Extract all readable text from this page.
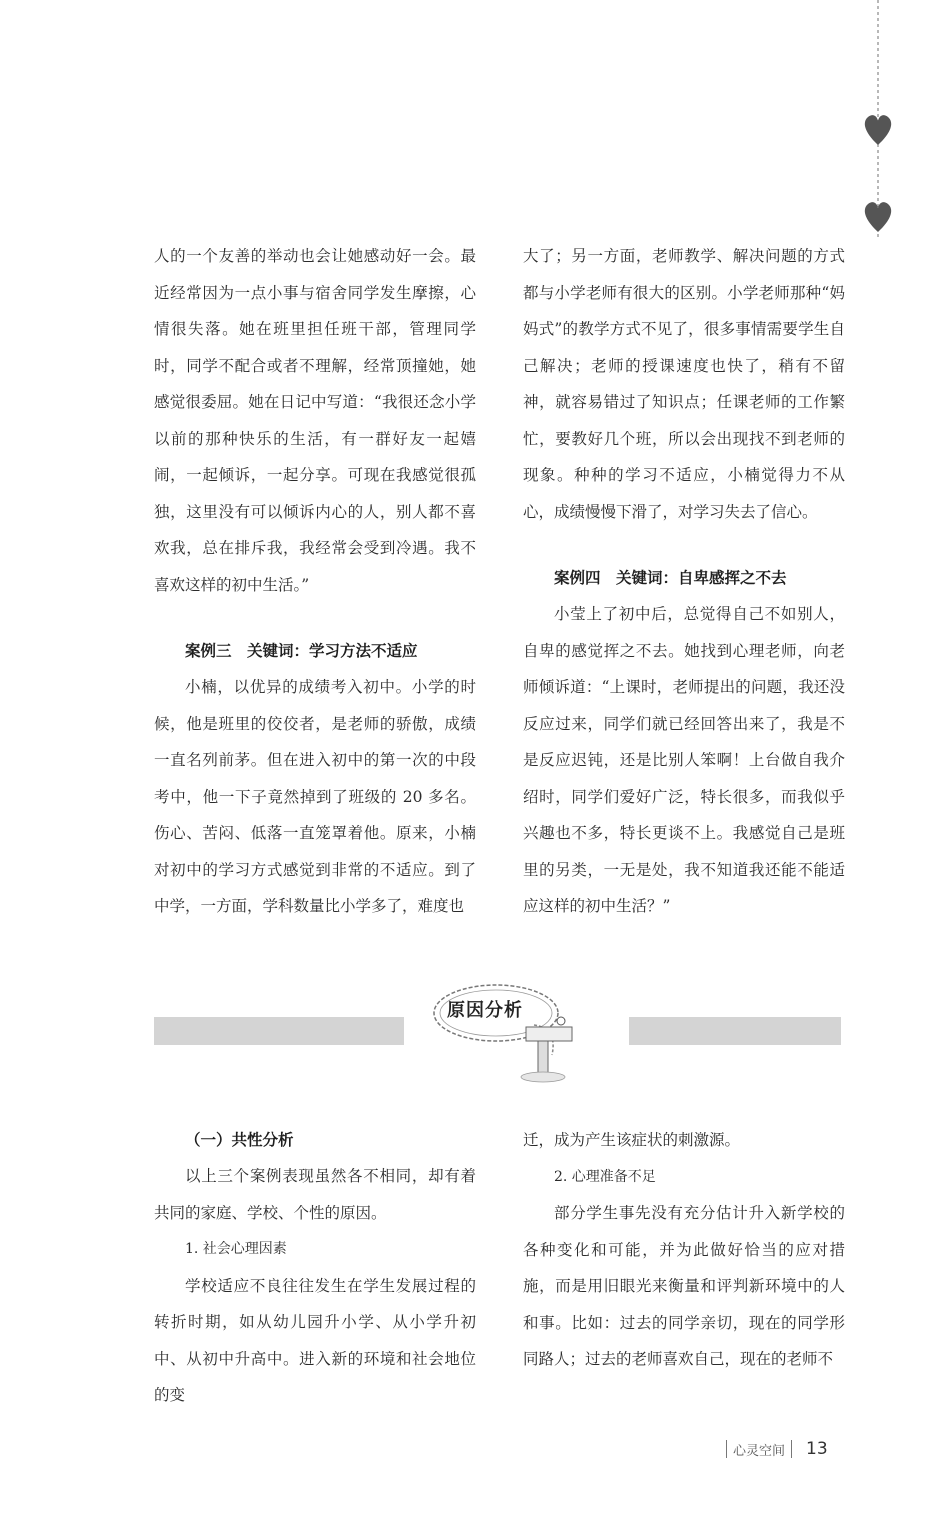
人的一个友善的举动也会让她感动好一会。最近经常因为一点小事与宿舍同学发生摩擦，心情很失落。她在班里担任班干部，管理同学时，同学不配合或者不理解，经常顶撞她，她感觉很委屈。她在日记中写道：“我很还念小学以前的那种快乐的生活，有一群好友一起嬉闹，一起倾诉，一起分享。可现在我感觉很孤独，这里没有可以倾诉内心的人，别人都不喜欢我，总在排斥我，我经常会受到冷遇。我不喜欢这样的初中生活。”

案例三　关键词：学习方法不适应

小楠，以优异的成绩考入初中。小学的时候，他是班里的佼佼者，是老师的骄傲，成绩一直名列前茅。但在进入初中的第一次的中段考中，他一下子竟然掉到了班级的 20 多名。伤心、苦闷、低落一直笼罩着他。原来，小楠对初中的学习方式感觉到非常的不适应。到了中学，一方面，学科数量比小学多了，难度也

大了；另一方面，老师教学、解决问题的方式都与小学老师有很大的区别。小学老师那种“妈妈式”的教学方式不见了，很多事情需要学生自己解决；老师的授课速度也快了，稍有不留神，就容易错过了知识点；任课老师的工作繁忙，要教好几个班，所以会出现找不到老师的现象。种种的学习不适应，小楠觉得力不从心，成绩慢慢下滑了，对学习失去了信心。

案例四　关键词：自卑感挥之不去

小莹上了初中后，总觉得自己不如别人，自卑的感觉挥之不去。她找到心理老师，向老师倾诉道：“上课时，老师提出的问题，我还没反应过来，同学们就已经回答出来了，我是不是反应迟钝，还是比别人笨啊！上台做自我介绍时，同学们爱好广泛，特长很多，而我似乎兴趣也不多，特长更谈不上。我感觉自己是班里的另类，一无是处，我不知道我还能不能适应这样的初中生活？”

原因分析
（一）共性分析

以上三个案例表现虽然各不相同，却有着共同的家庭、学校、个性的原因。

1. 社会心理因素

学校适应不良往往发生在学生发展过程的转折时期，如从幼儿园升小学、从小学升初中、从初中升高中。进入新的环境和社会地位的变

迁，成为产生该症状的刺激源。

2. 心理准备不足

部分学生事先没有充分估计升入新学校的各种变化和可能，并为此做好恰当的应对措施，而是用旧眼光来衡量和评判新环境中的人和事。比如：过去的同学亲切，现在的同学形同路人；过去的老师喜欢自己，现在的老师不

心灵空间 13
